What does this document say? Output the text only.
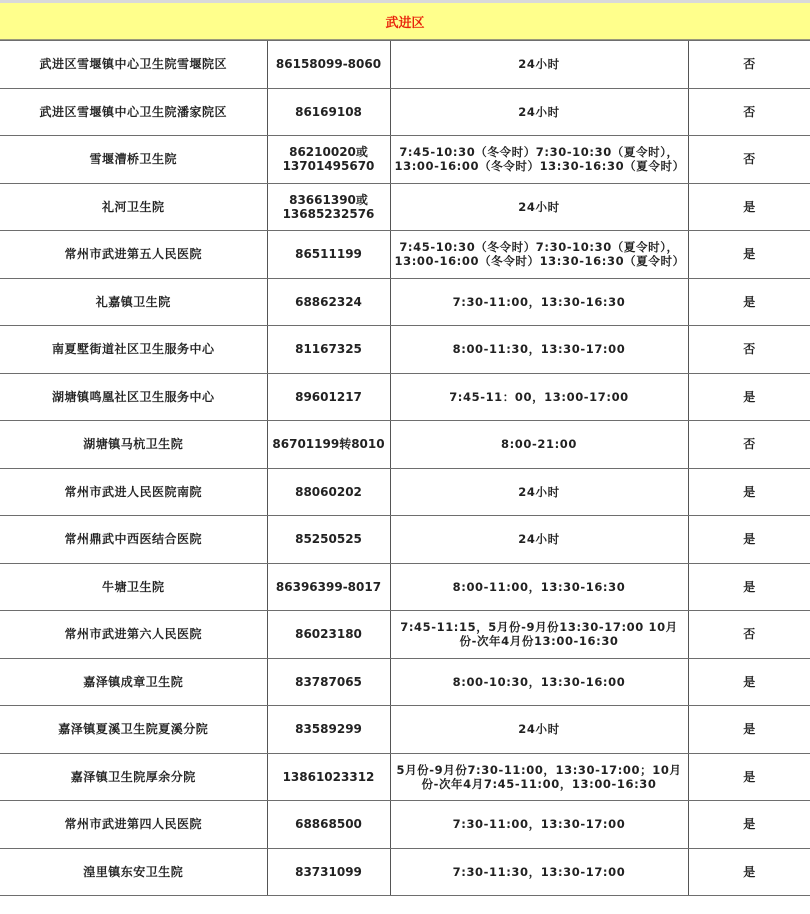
武进区
武进区雪堰镇中心卫生院雪堰院区	86158099-8060	24小时	否
武进区雪堰镇中心卫生院潘家院区	86169108	24小时	否
雪堰漕桥卫生院	86210020或13701495670	7:45-10:30（冬令时）7:30-10:30（夏令时），13:00-16:00（冬令时）13:30-16:30（夏令时）	否
礼河卫生院	83661390或13685232576	24小时	是
常州市武进第五人民医院	86511199	7:45-10:30（冬令时）7:30-10:30（夏令时），13:00-16:00（冬令时）13:30-16:30（夏令时）	是
礼嘉镇卫生院	68862324	7:30-11:00，13:30-16:30	是
南夏墅街道社区卫生服务中心	81167325	8:00-11:30，13:30-17:00	否
湖塘镇鸣凰社区卫生服务中心	89601217	7:45-11：00，13:00-17:00	是
湖塘镇马杭卫生院	86701199转8010	8:00-21:00	否
常州市武进人民医院南院	88060202	24小时	是
常州鼎武中西医结合医院	85250525	24小时	是
牛塘卫生院	86396399-8017	8:00-11:00，13:30-16:30	是
常州市武进第六人民医院	86023180	7:45-11:15，5月份-9月份13:30-17:00 10月份-次年4月份13:00-16:30	否
嘉泽镇成章卫生院	83787065	8:00-10:30，13:30-16:00	是
嘉泽镇夏溪卫生院夏溪分院	83589299	24小时	是
嘉泽镇卫生院厚余分院	13861023312	5月份-9月份7:30-11:00，13:30-17:00；10月份-次年4月7:45-11:00，13:00-16:30	是
常州市武进第四人民医院	68868500	7:30-11:00，13:30-17:00	是
湟里镇东安卫生院	83731099	7:30-11:30，13:30-17:00	是
